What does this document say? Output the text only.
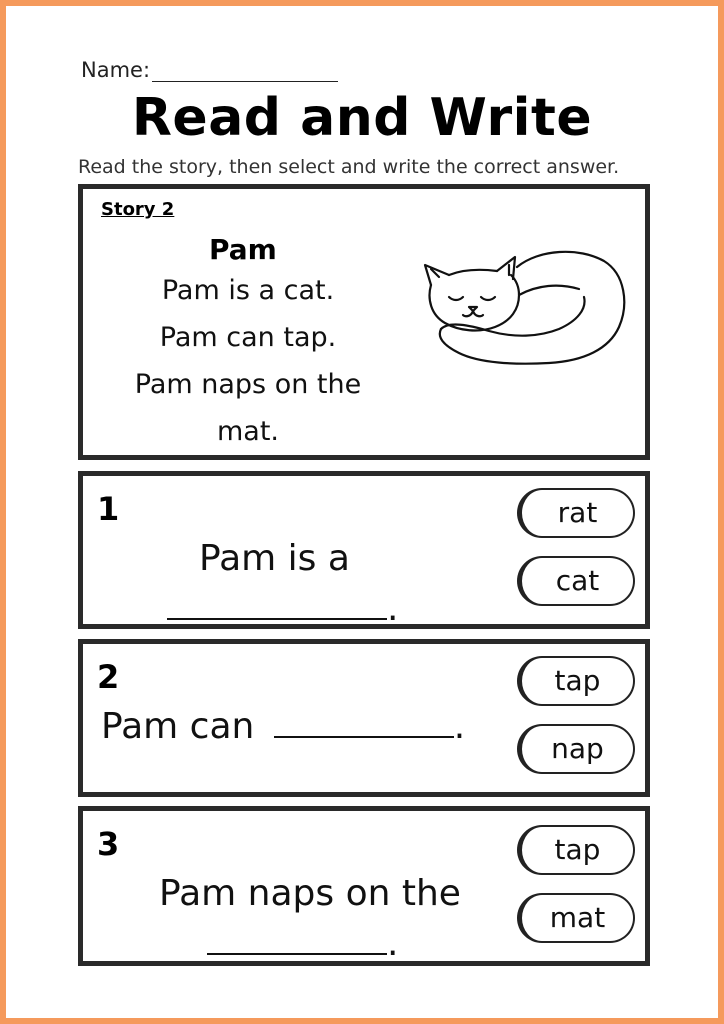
Name:
Read and Write
Read the story, then select and write the correct answer.
Story 2
Pam
Pam is a cat.
Pam can tap.
Pam naps on the
mat.
1
Pam is a
.
rat
cat
2
Pam can	.
tap
nap
3
Pam naps on the
.
tap
mat
